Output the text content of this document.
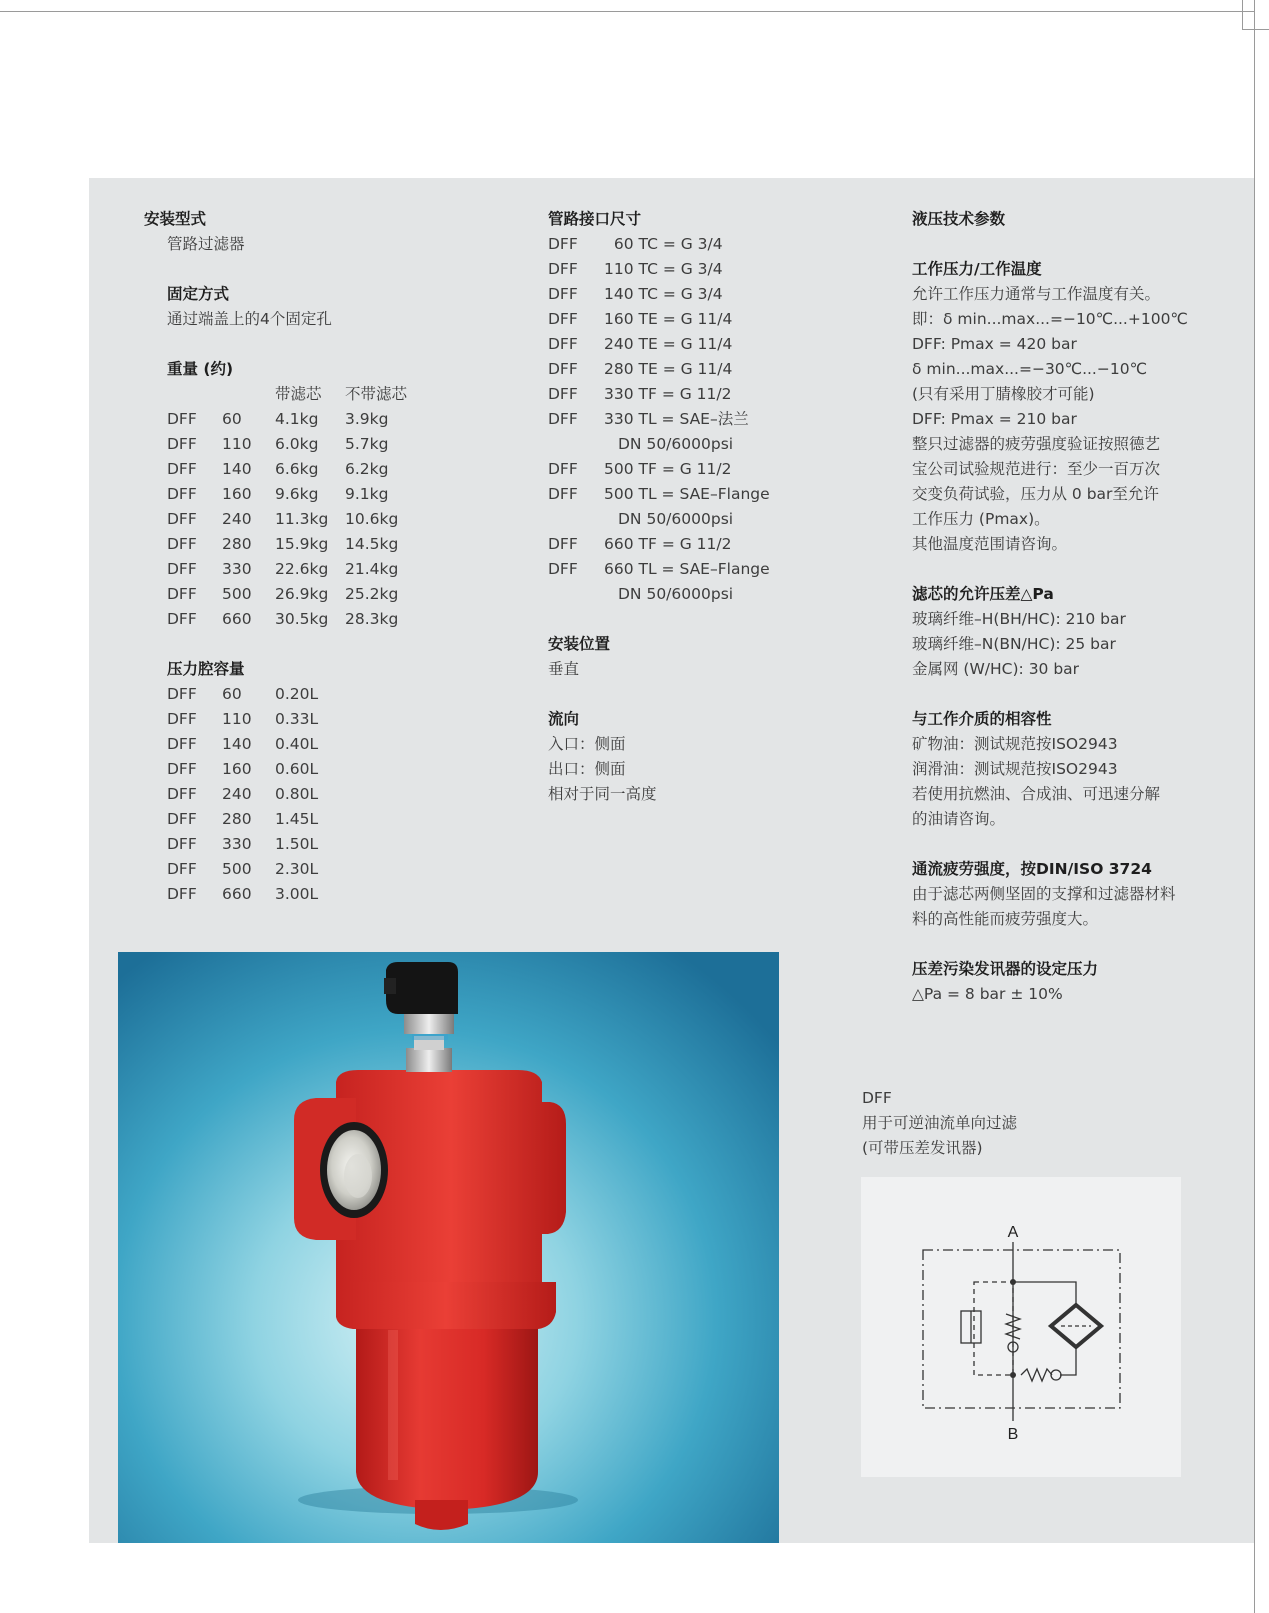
安装型式
管路过滤器
固定方式
通过端盖上的4个固定孔
重量 (约)
带滤芯	不带滤芯
DFF	60	4.1kg	3.9kg
DFF	110	6.0kg	5.7kg
DFF	140	6.6kg	6.2kg
DFF	160	9.6kg	9.1kg
DFF	240	11.3kg	10.6kg
DFF	280	15.9kg	14.5kg
DFF	330	22.6kg	21.4kg
DFF	500	26.9kg	25.2kg
DFF	660	30.5kg	28.3kg
压力腔容量
DFF	60	0.20L
DFF	110	0.33L
DFF	140	0.40L
DFF	160	0.60L
DFF	240	0.80L
DFF	280	1.45L
DFF	330	1.50L
DFF	500	2.30L
DFF	660	3.00L
管路接口尺寸
DFF	60 TC = G 3/4
DFF	110 TC = G 3/4
DFF	140 TC = G 3/4
DFF	160 TE = G 11/4
DFF	240 TE = G 11/4
DFF	280 TE = G 11/4
DFF	330 TF = G 11/2
DFF	330 TL = SAE–法兰
DN 50/6000psi
DFF	500 TF = G 11/2
DFF	500 TL = SAE–Flange
DN 50/6000psi
DFF	660 TF = G 11/2
DFF	660 TL = SAE–Flange
DN 50/6000psi
安装位置
垂直
流向
入口：侧面
出口：侧面
相对于同一高度
液压技术参数
工作压力/工作温度
允许工作压力通常与工作温度有关。
即：δ min...max...=−10℃...+100℃
DFF: Pmax = 420 bar
δ min...max...=−30℃...−10℃
(只有采用丁腈橡胶才可能)
DFF: Pmax = 210 bar
整只过滤器的疲劳强度验证按照德艺
宝公司试验规范进行：至少一百万次
交变负荷试验，压力从 0 bar至允许
工作压力 (Pmax)。
其他温度范围请咨询。
滤芯的允许压差△Pa
玻璃纤维–H(BH/HC): 210 bar
玻璃纤维–N(BN/HC): 25 bar
金属网 (W/HC): 30 bar
与工作介质的相容性
矿物油：测试规范按ISO2943
润滑油：测试规范按ISO2943
若使用抗燃油、合成油、可迅速分解
的油请咨询。
通流疲劳强度，按DIN/ISO 3724
由于滤芯两侧坚固的支撑和过滤器材料
料的高性能而疲劳强度大。
压差污染发讯器的设定压力
△Pa = 8 bar ± 10%
DFF
用于可逆油流单向过滤
(可带压差发讯器)
A
B
